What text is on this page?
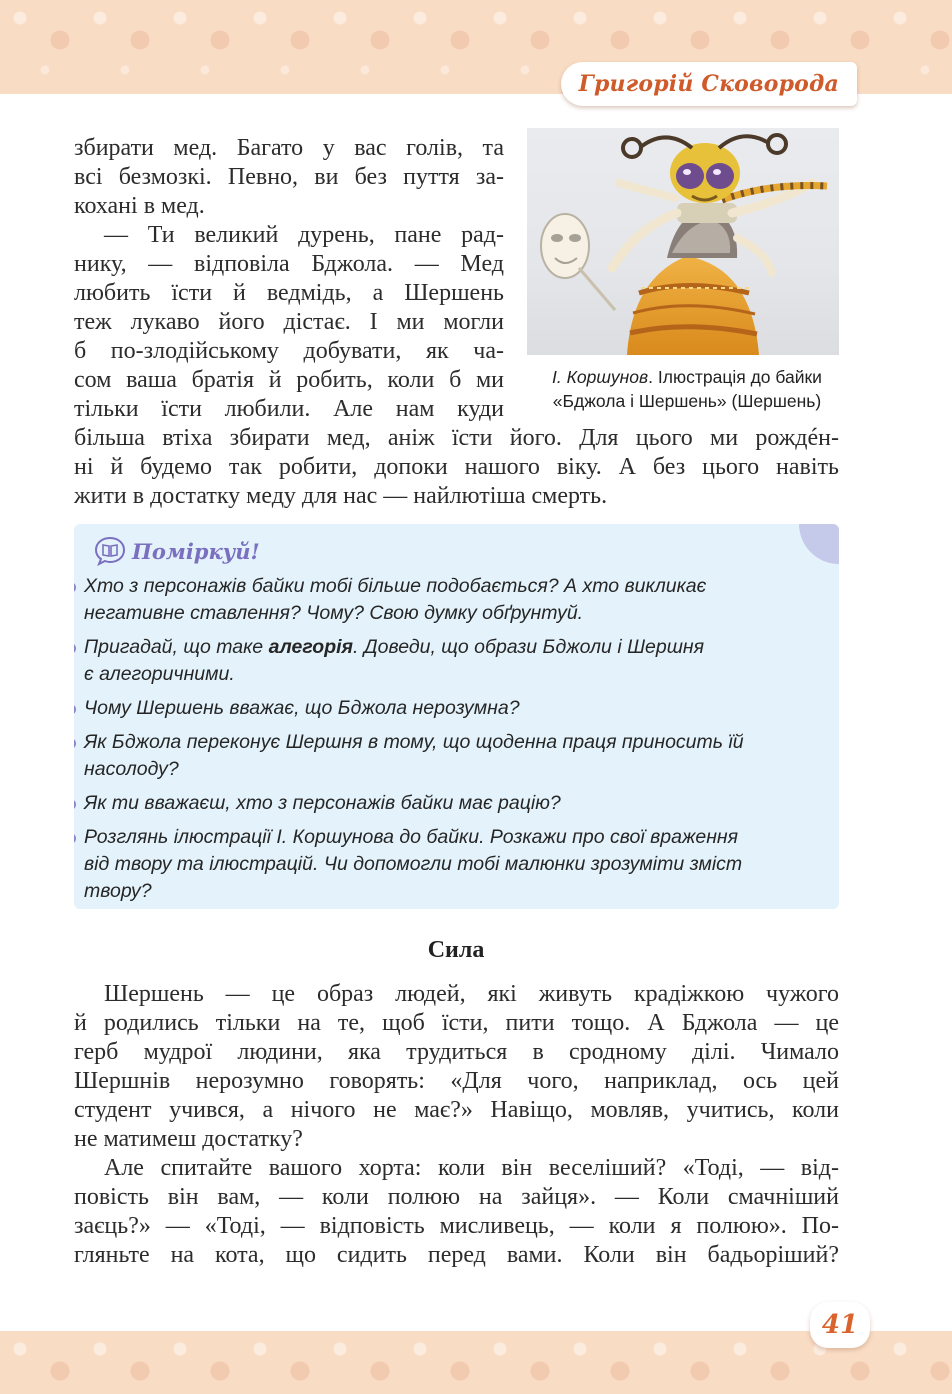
Григорій Сковорода

збирати мед. Багато у вас голів, та

всі безмозкі. Певно, ви без пуття за-

кохані в мед.

— Ти великий дурень, пане рад-

нику, — відповіла Бджола. — Мед

любить їсти й ведмідь, а Шершень

теж лукаво його дістає. І ми могли

б по-злодійському добувати, як ча-

сом ваша братія й робить, коли б ми

тільки їсти любили. Але нам куди

більша втіха збирати мед, аніж їсти його. Для цього ми рождéн-

ні й будемо так робити, допоки нашого віку. А без цього навіть

жити в достатку меду для нас — найлютіша смерть.

І. Коршунов. Ілюстрація до байки
«Бджола і Шершень» (Шершень)
Поміркуй!
Хто з персонажів байки тобі більше подобається? А хто викликає
негативне ставлення? Чому? Свою думку обґрунтуй.
Пригадай, що таке алегорія. Доведи, що образи Бджоли і Шершня
є алегоричними.
Чому Шершень вважає, що Бджола нерозумна?
Як Бджола переконує Шершня в тому, що щоденна праця приносить їй
насолоду?
Як ти вважаєш, хто з персонажів байки має рацію?
Розглянь ілюстрації І. Коршунова до байки. Розкажи про свої враження
від твору та ілюстрацій. Чи допомогли тобі малюнки зрозуміти зміст
твору?
Сила

Шершень — це образ людей, які живуть крадіжкою чужого

й родились тільки на те, щоб їсти, пити тощо. А Бджола — це

герб мудрої людини, яка трудиться в сродному ділі. Чимало

Шершнів нерозумно говорять: «Для чого, наприклад, ось цей

студент учився, а нічого не має?» Навіщо, мовляв, учитись, коли

не матимеш достатку?

Але спитайте вашого хорта: коли він веселіший? «Тоді, — від-

повість він вам, — коли полюю на зайця». — Коли смачніший

заєць?» — «Тоді, — відповість мисливець, — коли я полюю». По-

гляньте на кота, що сидить перед вами. Коли він бадьоріший?

41
